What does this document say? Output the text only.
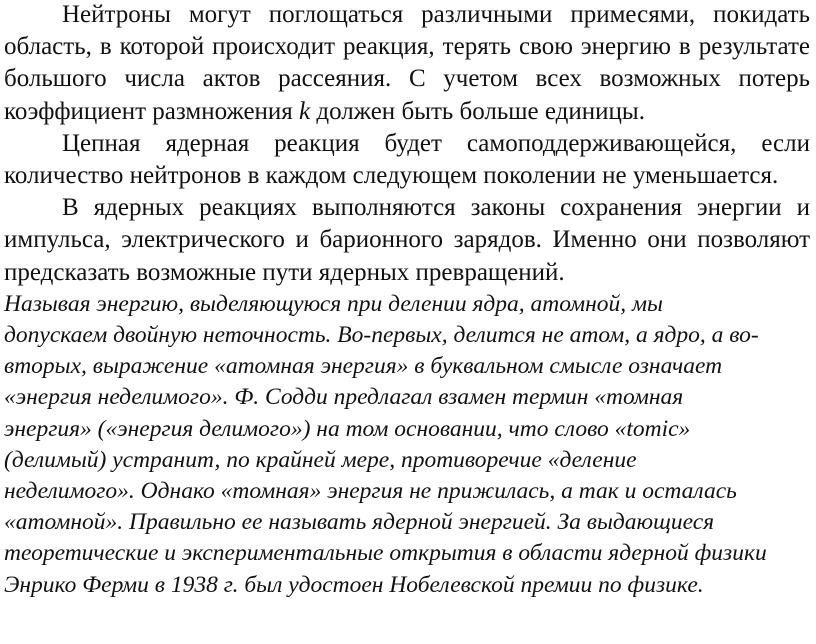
Нейтроны могут поглощаться различными примесями, покидать область, в которой происходит реакция, терять свою энергию в результате большого числа актов рассеяния. С учетом всех возможных потерь коэффициент размножения k должен быть больше единицы.

Цепная ядерная реакция будет самоподдерживающейся, если количество нейтронов в каждом следующем поколении не уменьшается.

В ядерных реакциях выполняются законы сохранения энергии и импульса, электрического и барионного зарядов. Именно они позволяют предсказать возможные пути ядерных превращений.

Называя энергию, выделяющуюся при делении ядра, атомной, мы допускаем двойную неточность. Во-первых, делится не атом, а ядро, а во-вторых, выражение «атомная энергия» в буквальном смысле означает «энергия неделимого». Ф. Содди предлагал взамен термин «томная энергия» («энергия делимого») на том основании, что слово «tomic» (делимый) устранит, по крайней мере, противоречие «деление неделимого». Однако «томная» энергия не прижилась, а так и осталась «атомной». Правильно ее называть ядерной энергией. За выдающиеся теоретические и экспериментальные открытия в области ядерной физики Энрико Ферми в 1938 г. был удостоен Нобелевской премии по физике.
